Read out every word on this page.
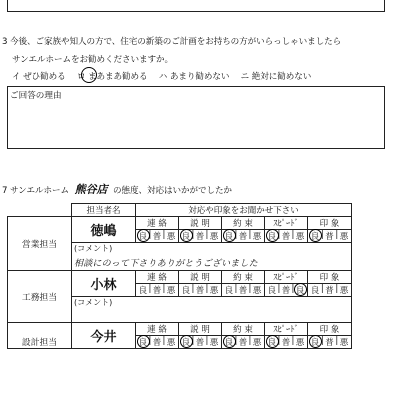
3 今後、ご家族や知人の方で、住宅の新築のご計画をお持ちの方がいらっしゃいましたら
サンエルホームをお勧めくださいますか。
イ ぜひ勧める ロ まあまあ勧める ハ あまり勧めない ニ 絶対に勧めない
ご回答の理由
7 サンエルホーム 熊谷店 の態度、対応はいかがでしたか
	担当者名	対応や印象をお聞かせ下さい				
営業担当	徳嶋	連 絡	説 明	約 束	ｽﾋﾟｰﾄﾞ	印 象

		良 | 普 | 悪	良 | 普 | 悪	良 | 普 | 悪	良 | 普 | 悪	良 | 普 | 悪

	(コメント)
相談にのって下さりありがとうございました					

工務担当	小林	連 絡	説 明	約 束	ｽﾋﾟｰﾄﾞ	印 象

		良 | 普 | 悪	良 | 普 | 悪	良 | 普 | 悪	良 | 普 | 良	良 | 普 | 悪

	(コメント)					

設計担当	今井	連 絡	説 明	約 束	ｽﾋﾟｰﾄﾞ	印 象

		良 | 普 | 悪	良 | 普 | 悪	良 | 普 | 悪	良 | 普 | 悪	良 | 普 | 悪
